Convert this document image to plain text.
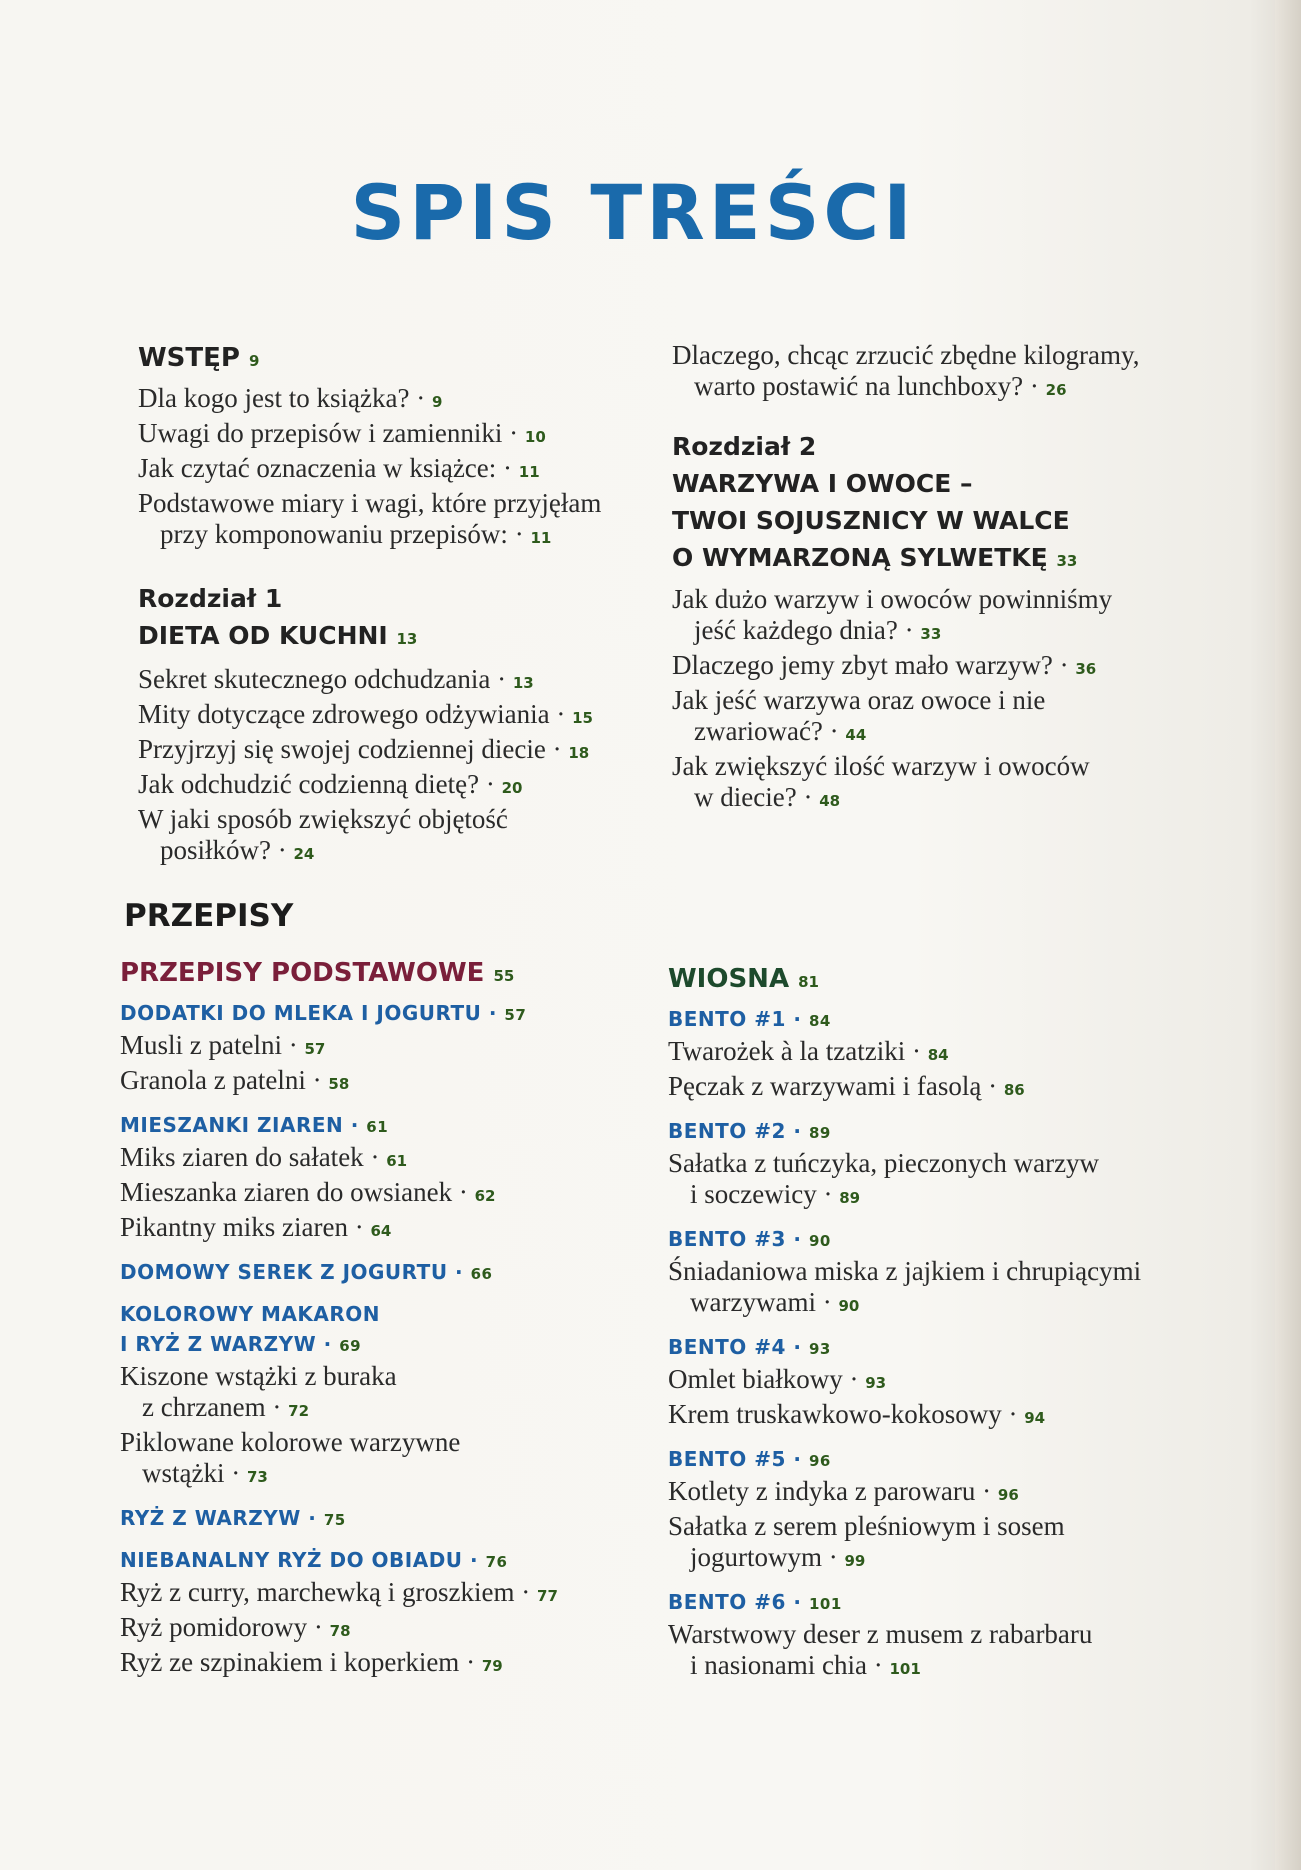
SPIS TREŚCI
WSTĘP 9
Dla kogo jest to książka? · 9
Uwagi do przepisów i zamienniki · 10
Jak czytać oznaczenia w książce: · 11
Podstawowe miary i wagi, które przyjęłam
przy komponowaniu przepisów: · 11
Rozdział 1
DIETA OD KUCHNI 13
Sekret skutecznego odchudzania · 13
Mity dotyczące zdrowego odżywiania · 15
Przyjrzyj się swojej codziennej diecie · 18
Jak odchudzić codzienną dietę? · 20
W jaki sposób zwiększyć objętość
posiłków? · 24
Dlaczego, chcąc zrzucić zbędne kilogramy,
warto postawić na lunchboxy? · 26
Rozdział 2
WARZYWA I OWOCE –
TWOI SOJUSZNICY W WALCE
O WYMARZONĄ SYLWETKĘ 33
Jak dużo warzyw i owoców powinniśmy
jeść każdego dnia? · 33
Dlaczego jemy zbyt mało warzyw? · 36
Jak jeść warzywa oraz owoce i nie
zwariować? · 44
Jak zwiększyć ilość warzyw i owoców
w diecie? · 48
PRZEPISY
PRZEPISY PODSTAWOWE 55
DODATKI DO MLEKA I JOGURTU · 57
Musli z patelni · 57
Granola z patelni · 58
MIESZANKI ZIAREN · 61
Miks ziaren do sałatek · 61
Mieszanka ziaren do owsianek · 62
Pikantny miks ziaren · 64
DOMOWY SEREK Z JOGURTU · 66
KOLOROWY MAKARON
I RYŻ Z WARZYW · 69
Kiszone wstążki z buraka
z chrzanem · 72
Piklowane kolorowe warzywne
wstążki · 73
RYŻ Z WARZYW · 75
NIEBANALNY RYŻ DO OBIADU · 76
Ryż z curry, marchewką i groszkiem · 77
Ryż pomidorowy · 78
Ryż ze szpinakiem i koperkiem · 79
WIOSNA 81
BENTO #1 · 84
Twarożek à la tzatziki · 84
Pęczak z warzywami i fasolą · 86
BENTO #2 · 89
Sałatka z tuńczyka, pieczonych warzyw
i soczewicy · 89
BENTO #3 · 90
Śniadaniowa miska z jajkiem i chrupiącymi
warzywami · 90
BENTO #4 · 93
Omlet białkowy · 93
Krem truskawkowo-kokosowy · 94
BENTO #5 · 96
Kotlety z indyka z parowaru · 96
Sałatka z serem pleśniowym i sosem
jogurtowym · 99
BENTO #6 · 101
Warstwowy deser z musem z rabarbaru
i nasionami chia · 101
